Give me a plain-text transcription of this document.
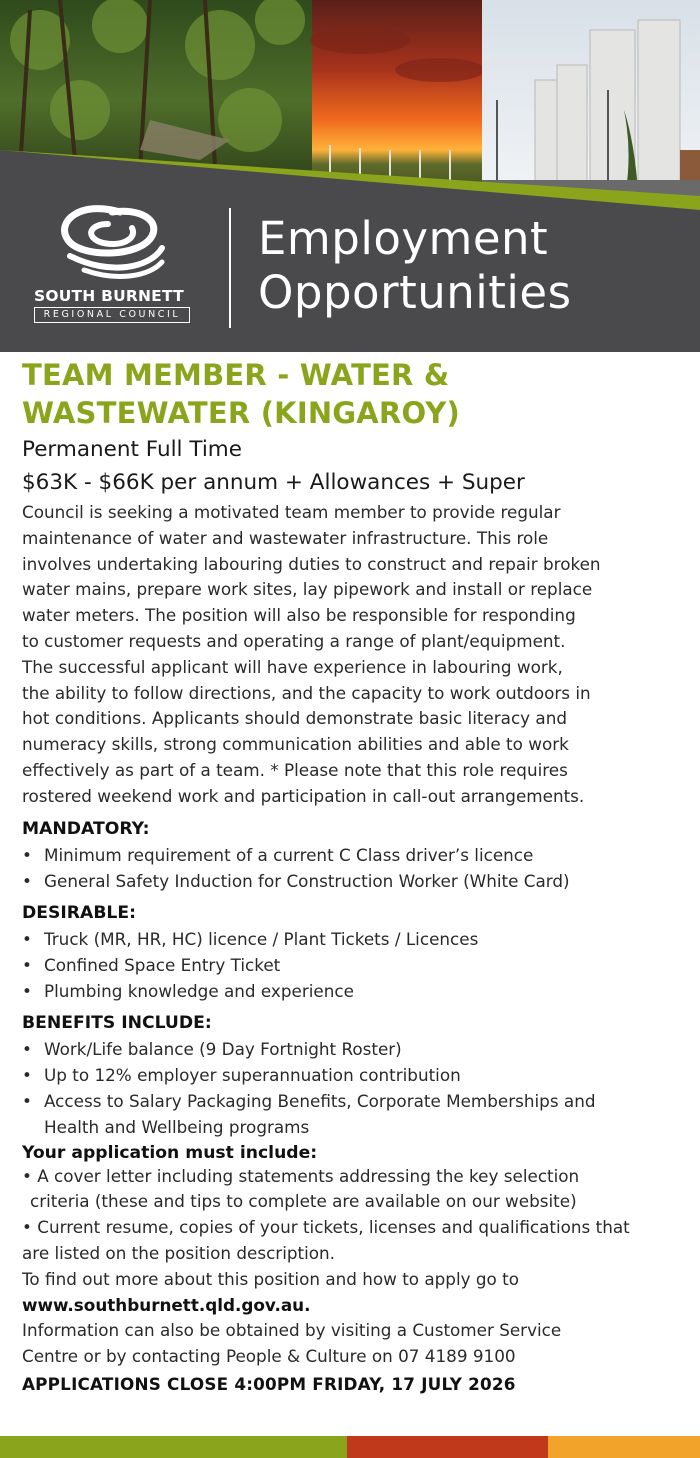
SOUTH BURNETT
REGIONAL COUNCIL
Employment
Opportunities
TEAM MEMBER - WATER &
WASTEWATER (KINGAROY)
Permanent Full Time
$63K - $66K per annum + Allowances + Super
Council is seeking a motivated team member to provide regular
maintenance of water and wastewater infrastructure. This role
involves undertaking labouring duties to construct and repair broken
water mains, prepare work sites, lay pipework and install or replace
water meters. The position will also be responsible for responding
to customer requests and operating a range of plant/equipment.
The successful applicant will have experience in labouring work,
the ability to follow directions, and the capacity to work outdoors in
hot conditions. Applicants should demonstrate basic literacy and
numeracy skills, strong communication abilities and able to work
effectively as part of a team. * Please note that this role requires
rostered weekend work and participation in call-out arrangements.
MANDATORY:
• Minimum requirement of a current C Class driver’s licence
• General Safety Induction for Construction Worker (White Card)
DESIRABLE:
• Truck (MR, HR, HC) licence / Plant Tickets / Licences
• Confined Space Entry Ticket
• Plumbing knowledge and experience
BENEFITS INCLUDE:
• Work/Life balance (9 Day Fortnight Roster)
• Up to 12% employer superannuation contribution
• Access to Salary Packaging Benefits, Corporate Memberships and
Health and Wellbeing programs
Your application must include:
• A cover letter including statements addressing the key selection
criteria (these and tips to complete are available on our website)
• Current resume, copies of your tickets, licenses and qualifications that
are listed on the position description.
To find out more about this position and how to apply go to
www.southburnett.qld.gov.au.
Information can also be obtained by visiting a Customer Service
Centre or by contacting People & Culture on 07 4189 9100
APPLICATIONS CLOSE 4:00PM FRIDAY, 17 JULY 2026
